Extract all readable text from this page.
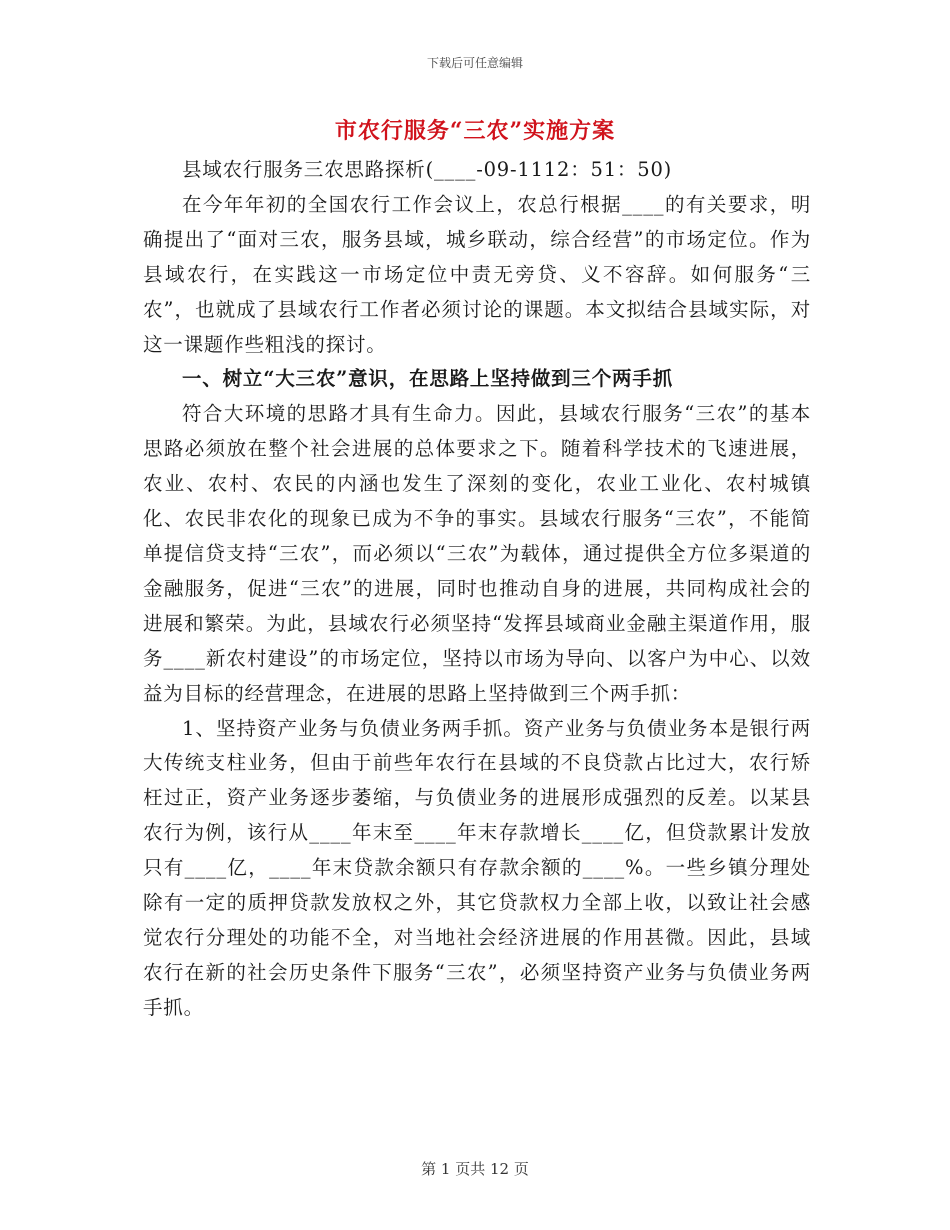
下载后可任意编辑
市农行服务“三农”实施方案

县域农行服务三农思路探析(____-09-1112：51：50)

在今年年初的全国农行工作会议上，农总行根据____的有关要求，明确提出了“面对三农，服务县域，城乡联动，综合经营”的市场定位。作为县域农行，在实践这一市场定位中责无旁贷、义不容辞。如何服务“三农”，也就成了县域农行工作者必须讨论的课题。本文拟结合县域实际，对这一课题作些粗浅的探讨。

一、树立“大三农”意识，在思路上坚持做到三个两手抓

符合大环境的思路才具有生命力。因此，县域农行服务“三农”的基本思路必须放在整个社会进展的总体要求之下。随着科学技术的飞速进展，农业、农村、农民的内涵也发生了深刻的变化，农业工业化、农村城镇化、农民非农化的现象已成为不争的事实。县域农行服务“三农”，不能简单提信贷支持“三农”，而必须以“三农”为载体，通过提供全方位多渠道的金融服务，促进“三农”的进展，同时也推动自身的进展，共同构成社会的进展和繁荣。为此，县域农行必须坚持“发挥县域商业金融主渠道作用，服务____新农村建设”的市场定位，坚持以市场为导向、以客户为中心、以效益为目标的经营理念，在进展的思路上坚持做到三个两手抓：

1、坚持资产业务与负债业务两手抓。资产业务与负债业务本是银行两大传统支柱业务，但由于前些年农行在县域的不良贷款占比过大，农行矫枉过正，资产业务逐步萎缩，与负债业务的进展形成强烈的反差。以某县农行为例，该行从____年末至____年末存款增长____亿，但贷款累计发放只有____亿，____年末贷款余额只有存款余额的____%。一些乡镇分理处除有一定的质押贷款发放权之外，其它贷款权力全部上收，以致让社会感觉农行分理处的功能不全，对当地社会经济进展的作用甚微。因此，县域农行在新的社会历史条件下服务“三农”，必须坚持资产业务与负债业务两手抓。

第 1 页共 12 页
